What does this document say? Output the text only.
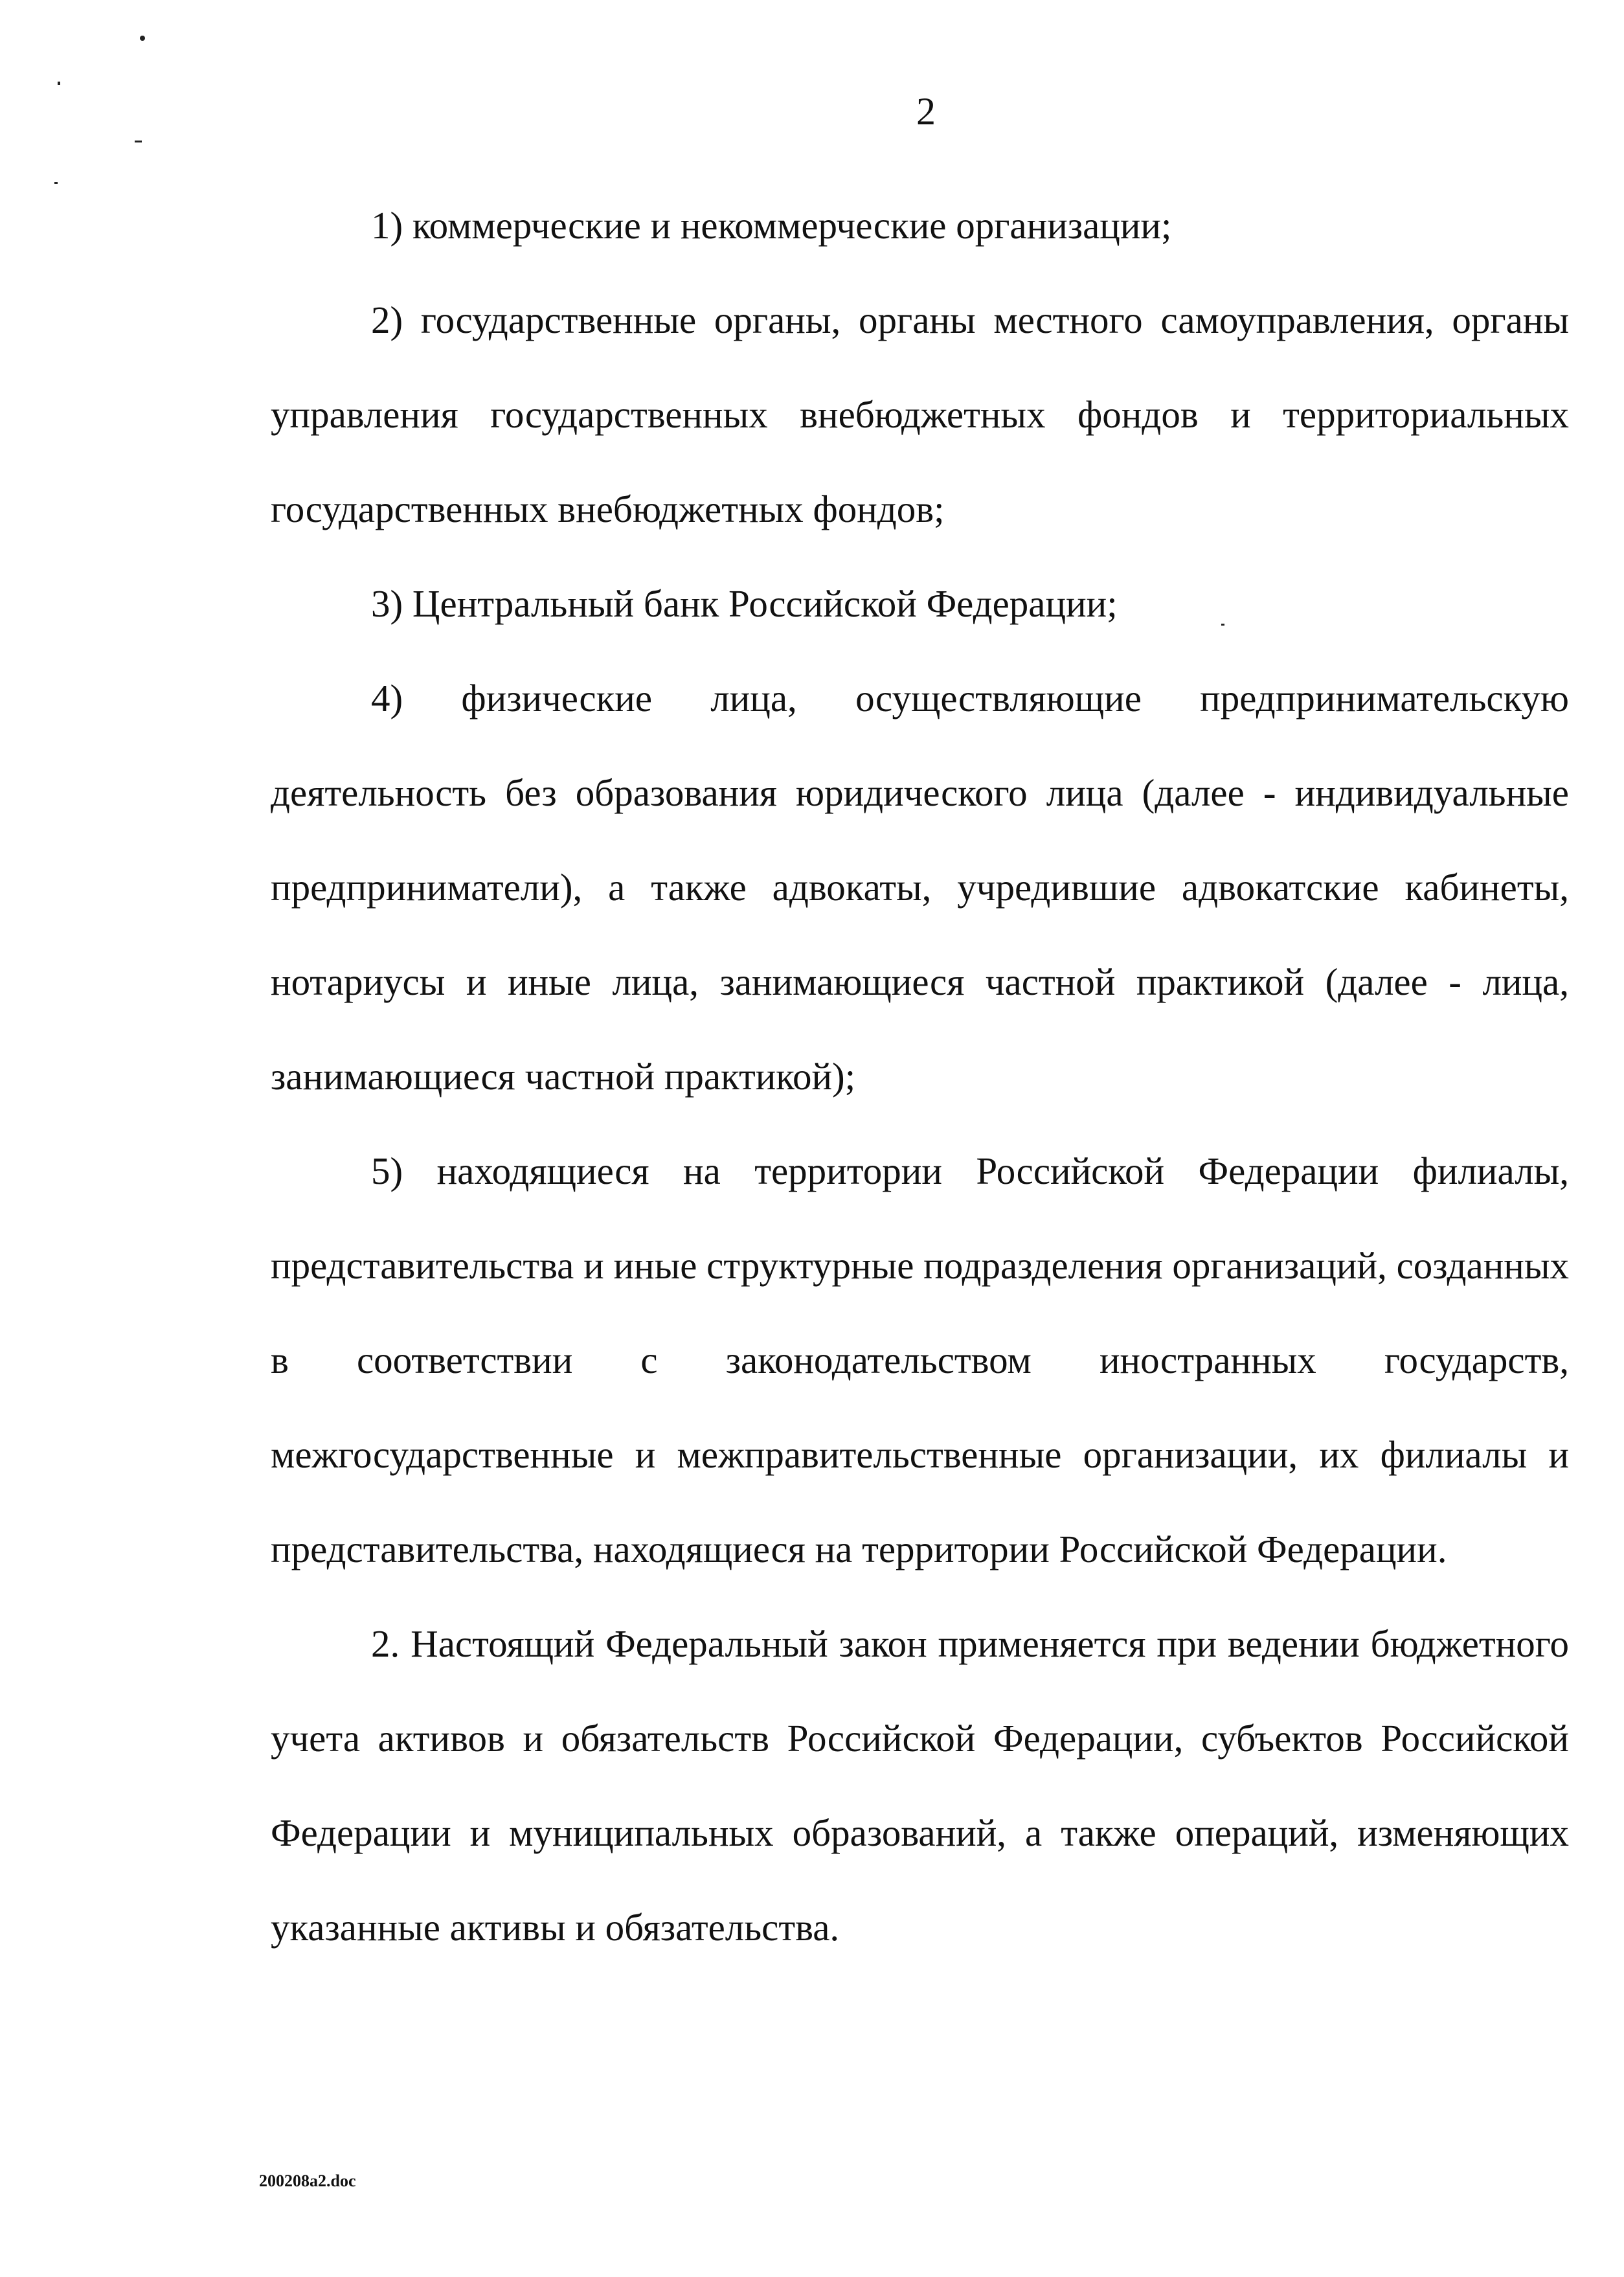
2

1) коммерческие и некоммерческие организации;

2) государственные органы, органы местного самоуправления, органы управления государственных внебюджетных фондов и территориальных государственных внебюджетных фондов;

3) Центральный банк Российской Федерации;

4) физические лица, осуществляющие предпринимательскую деятельность без образования юридического лица (далее - индивидуальные предприниматели), а также адвокаты, учредившие адвокатские кабинеты, нотариусы и иные лица, занимающиеся частной практикой (далее - лица, занимающиеся частной практикой);

5) находящиеся на территории Российской Федерации филиалы, представительства и иные структурные подразделения организаций, созданных в соответствии с законодательством иностранных государств, межгосударственные и межправительственные организации, их филиалы и представительства, находящиеся на территории Российской Федерации.

2. Настоящий Федеральный закон применяется при ведении бюджетного учета активов и обязательств Российской Федерации, субъектов Российской Федерации и муниципальных образований, а также операций, изменяющих указанные активы и обязательства.

200208а2.doc
